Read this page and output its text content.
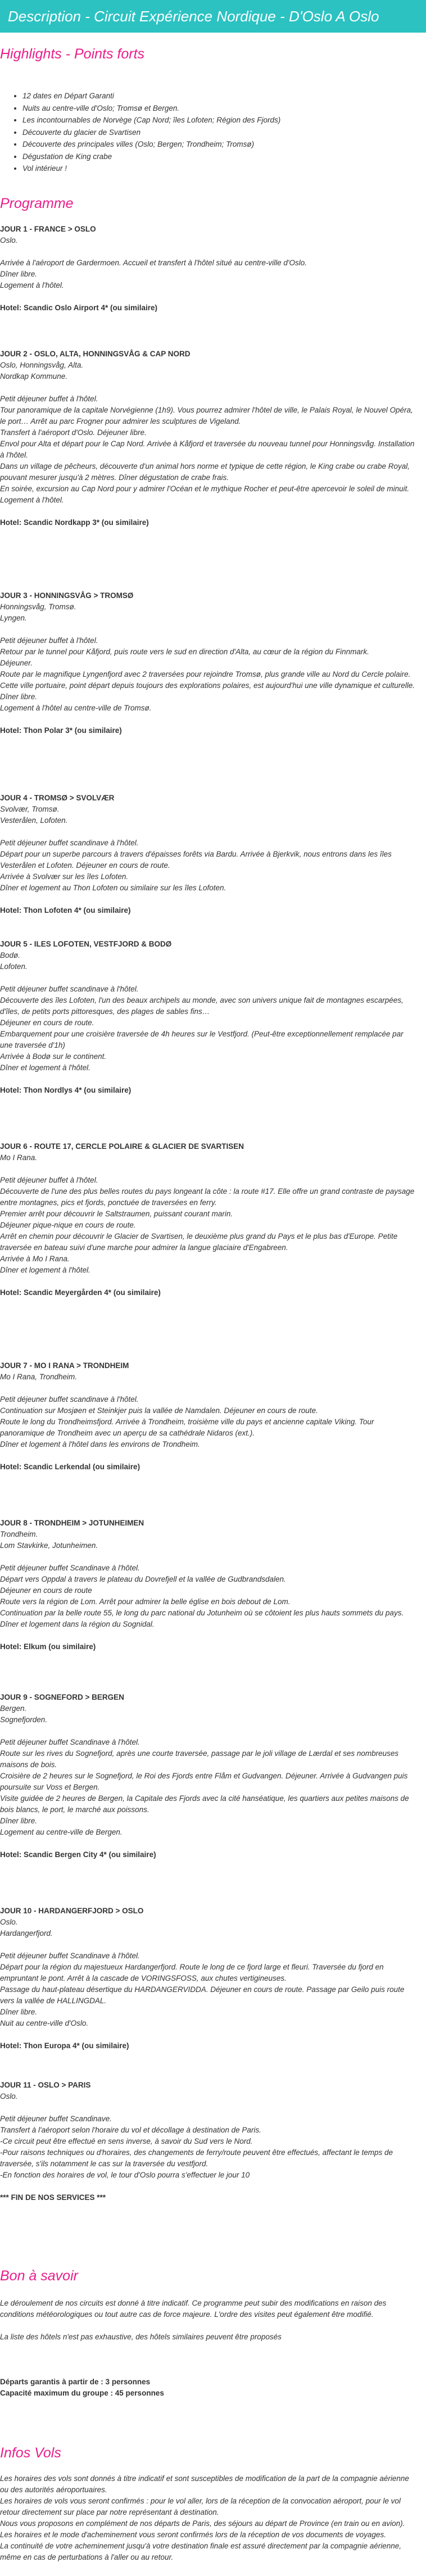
Description - Circuit Expérience Nordique - D'Oslo A Oslo
Highlights - Points forts
• 12 dates en Départ Garanti
• Nuits au centre-ville d'Oslo; Tromsø et Bergen.
• Les incontournables de Norvège (Cap Nord; îles Lofoten; Région des Fjords)
• Découverte du glacier de Svartisen
• Découverte des principales villes (Oslo; Bergen; Trondheim; Tromsø)
• Dégustation de King crabe
• Vol intérieur !
Programme

JOUR 1 - FRANCE > OSLO

Oslo.

Arrivée à l'aéroport de Gardermoen. Accueil et transfert à l'hôtel situé au centre-ville d'Oslo.
Dîner libre.
Logement à l'hôtel.

Hotel: Scandic Oslo Airport 4* (ou similaire)

JOUR 2 - OSLO, ALTA, HONNINGSVÅG & CAP NORD

Oslo, Honningsvåg, Alta.
Nordkap Kommune.

Petit déjeuner buffet à l'hôtel.
Tour panoramique de la capitale Norvégienne (1h9). Vous pourrez admirer l'hôtel de ville, le Palais Royal, le Nouvel Opéra, le port… Arrêt au parc Frogner pour admirer les sculptures de Vigeland.
Transfert à l'aéroport d'Oslo. Déjeuner libre.
Envol pour Alta et départ pour le Cap Nord. Arrivée à Kåfjord et traversée du nouveau tunnel pour Honningsvåg. Installation à l'hôtel.
Dans un village de pêcheurs, découverte d'un animal hors norme et typique de cette région, le King crabe ou crabe Royal, pouvant mesurer jusqu'à 2 mètres. Dîner dégustation de crabe frais.
En soirée, excursion au Cap Nord pour y admirer l'Océan et le mythique Rocher et peut-être apercevoir le soleil de minuit.
Logement à l'hôtel.

Hotel: Scandic Nordkapp 3* (ou similaire)

JOUR 3 - HONNINGSVÅG > TROMSØ

Honningsvåg, Tromsø.
Lyngen.

Petit déjeuner buffet à l'hôtel.
Retour par le tunnel pour Kåfjord, puis route vers le sud en direction d'Alta, au cœur de la région du Finnmark.
Déjeuner.
Route par le magnifique Lyngenfjord avec 2 traversées pour rejoindre Tromsø, plus grande ville au Nord du Cercle polaire. Cette ville portuaire, point départ depuis toujours des explorations polaires, est aujourd'hui une ville dynamique et culturelle.
Dîner libre.
Logement à l'hôtel au centre-ville de Tromsø.

Hotel: Thon Polar 3* (ou similaire)

JOUR 4 - TROMSØ > SVOLVÆR

Svolvær, Tromsø.
Vesterålen, Lofoten.

Petit déjeuner buffet scandinave à l'hôtel.
Départ pour un superbe parcours à travers d'épaisses forêts via Bardu. Arrivée à Bjerkvik, nous entrons dans les îles Vesterålen et Lofoten. Déjeuner en cours de route.
Arrivée à Svolvær sur les îles Lofoten.
Dîner et logement au Thon Lofoten ou similaire sur les îles Lofoten.

Hotel: Thon Lofoten 4* (ou similaire)

JOUR 5 - ILES LOFOTEN, VESTFJORD & BODØ

Bodø.
Lofoten.

Petit déjeuner buffet scandinave à l'hôtel.
Découverte des îles Lofoten, l'un des beaux archipels au monde, avec son univers unique fait de montagnes escarpées, d'îles, de petits ports pittoresques, des plages de sables fins…
Déjeuner en cours de route.
Embarquement pour une croisière traversée de 4h heures sur le Vestfjord. (Peut-être exceptionnellement remplacée par une traversée d'1h)
Arrivée à Bodø sur le continent.
Dîner et logement à l'hôtel.

Hotel: Thon Nordlys 4* (ou similaire)

JOUR 6 - ROUTE 17, CERCLE POLAIRE & GLACIER DE SVARTISEN

Mo I Rana.

Petit déjeuner buffet à l'hôtel.
Découverte de l'une des plus belles routes du pays longeant la côte : la route #17. Elle offre un grand contraste de paysage entre montagnes, pics et fjords, ponctuée de traversées en ferry.
Premier arrêt pour découvrir le Saltstraumen, puissant courant marin.
Déjeuner pique-nique en cours de route.
Arrêt en chemin pour découvrir le Glacier de Svartisen, le deuxième plus grand du Pays et le plus bas d'Europe. Petite traversée en bateau suivi d'une marche pour admirer la langue glaciaire d'Engabreen.
Arrivée à Mo I Rana.
Dîner et logement à l'hôtel.

Hotel: Scandic Meyergården 4* (ou similaire)

JOUR 7 - MO I RANA > TRONDHEIM

Mo I Rana, Trondheim.

Petit déjeuner buffet scandinave à l'hôtel.
Continuation sur Mosjøen et Steinkjer puis la vallée de Namdalen. Déjeuner en cours de route.
Route le long du Trondheimsfjord. Arrivée à Trondheim, troisième ville du pays et ancienne capitale Viking. Tour panoramique de Trondheim avec un aperçu de sa cathédrale Nidaros (ext.).
Dîner et logement à l'hôtel dans les environs de Trondheim.

Hotel: Scandic Lerkendal (ou similaire)

JOUR 8 - TRONDHEIM > JOTUNHEIMEN

Trondheim.
Lom Stavkirke, Jotunheimen.

Petit déjeuner buffet Scandinave à l'hôtel.
Départ vers Oppdal à travers le plateau du Dovrefjell et la vallée de Gudbrandsdalen.
Déjeuner en cours de route
Route vers la région de Lom. Arrêt pour admirer la belle église en bois debout de Lom.
Continuation par la belle route 55, le long du parc national du Jotunheim où se côtoient les plus hauts sommets du pays.
Dîner et logement dans la région du Sognidal.

Hotel: Elkum (ou similaire)

JOUR 9 - SOGNEFORD > BERGEN

Bergen.
Sognefjorden.

Petit déjeuner buffet Scandinave à l'hôtel.
Route sur les rives du Sognefjord, après une courte traversée, passage par le joli village de Lærdal et ses nombreuses maisons de bois.
Croisière de 2 heures sur le Sognefjord, le Roi des Fjords entre Flåm et Gudvangen. Déjeuner. Arrivée à Gudvangen puis poursuite sur Voss et Bergen.
Visite guidée de 2 heures de Bergen, la Capitale des Fjords avec la cité hanséatique, les quartiers aux petites maisons de bois blancs, le port, le marché aux poissons.
Dîner libre.
Logement au centre-ville de Bergen.

Hotel: Scandic Bergen City 4* (ou similaire)

JOUR 10 - HARDANGERFJORD > OSLO

Oslo.
Hardangerfjord.

Petit déjeuner buffet Scandinave à l'hôtel.
Départ pour la région du majestueux Hardangerfjord. Route le long de ce fjord large et fleuri. Traversée du fjord en empruntant le pont. Arrêt à la cascade de VORINGSFOSS, aux chutes vertigineuses.
Passage du haut-plateau désertique du HARDANGERVIDDA. Déjeuner en cours de route. Passage par Geilo puis route vers la vallée de HALLINGDAL.
Dîner libre.
Nuit au centre-ville d'Oslo.

Hotel: Thon Europa 4* (ou similaire)

JOUR 11 - OSLO > PARIS

Oslo.

Petit déjeuner buffet Scandinave.
Transfert à l'aéroport selon l'horaire du vol et décollage à destination de Paris.
-Ce circuit peut être effectué en sens inverse, à savoir du Sud vers le Nord.
-Pour raisons techniques ou d'horaires, des changements de ferry/route peuvent être effectués, affectant le temps de traversée, s'ils notamment le cas sur la traversée du vestfjord.
-En fonction des horaires de vol, le tour d'Oslo pourra s'effectuer le jour 10

*** FIN DE NOS SERVICES ***

Bon à savoir

Le déroulement de nos circuits est donné à titre indicatif. Ce programme peut subir des modifications en raison des conditions météorologiques ou tout autre cas de force majeure. L'ordre des visites peut également être modifié.

La liste des hôtels n'est pas exhaustive, des hôtels similaires peuvent être proposés

Départs garantis à partir de : 3 personnes

Capacité maximum du groupe : 45 personnes

Infos Vols

Les horaires des vols sont donnés à titre indicatif et sont susceptibles de modification de la part de la compagnie aérienne ou des autorités aéroportuaires.

Les horaires de vols vous seront confirmés : pour le vol aller, lors de la réception de la convocation aéroport, pour le vol retour directement sur place par notre représentant à destination.

Nous vous proposons en complément de nos départs de Paris, des séjours au départ de Province (en train ou en avion).

Les horaires et le mode d'acheminement vous seront confirmés lors de la réception de vos documents de voyages.

La continuité de votre acheminement jusqu'à votre destination finale est assuré directement par la compagnie aérienne, même en cas de perturbations à l'aller ou au retour.
